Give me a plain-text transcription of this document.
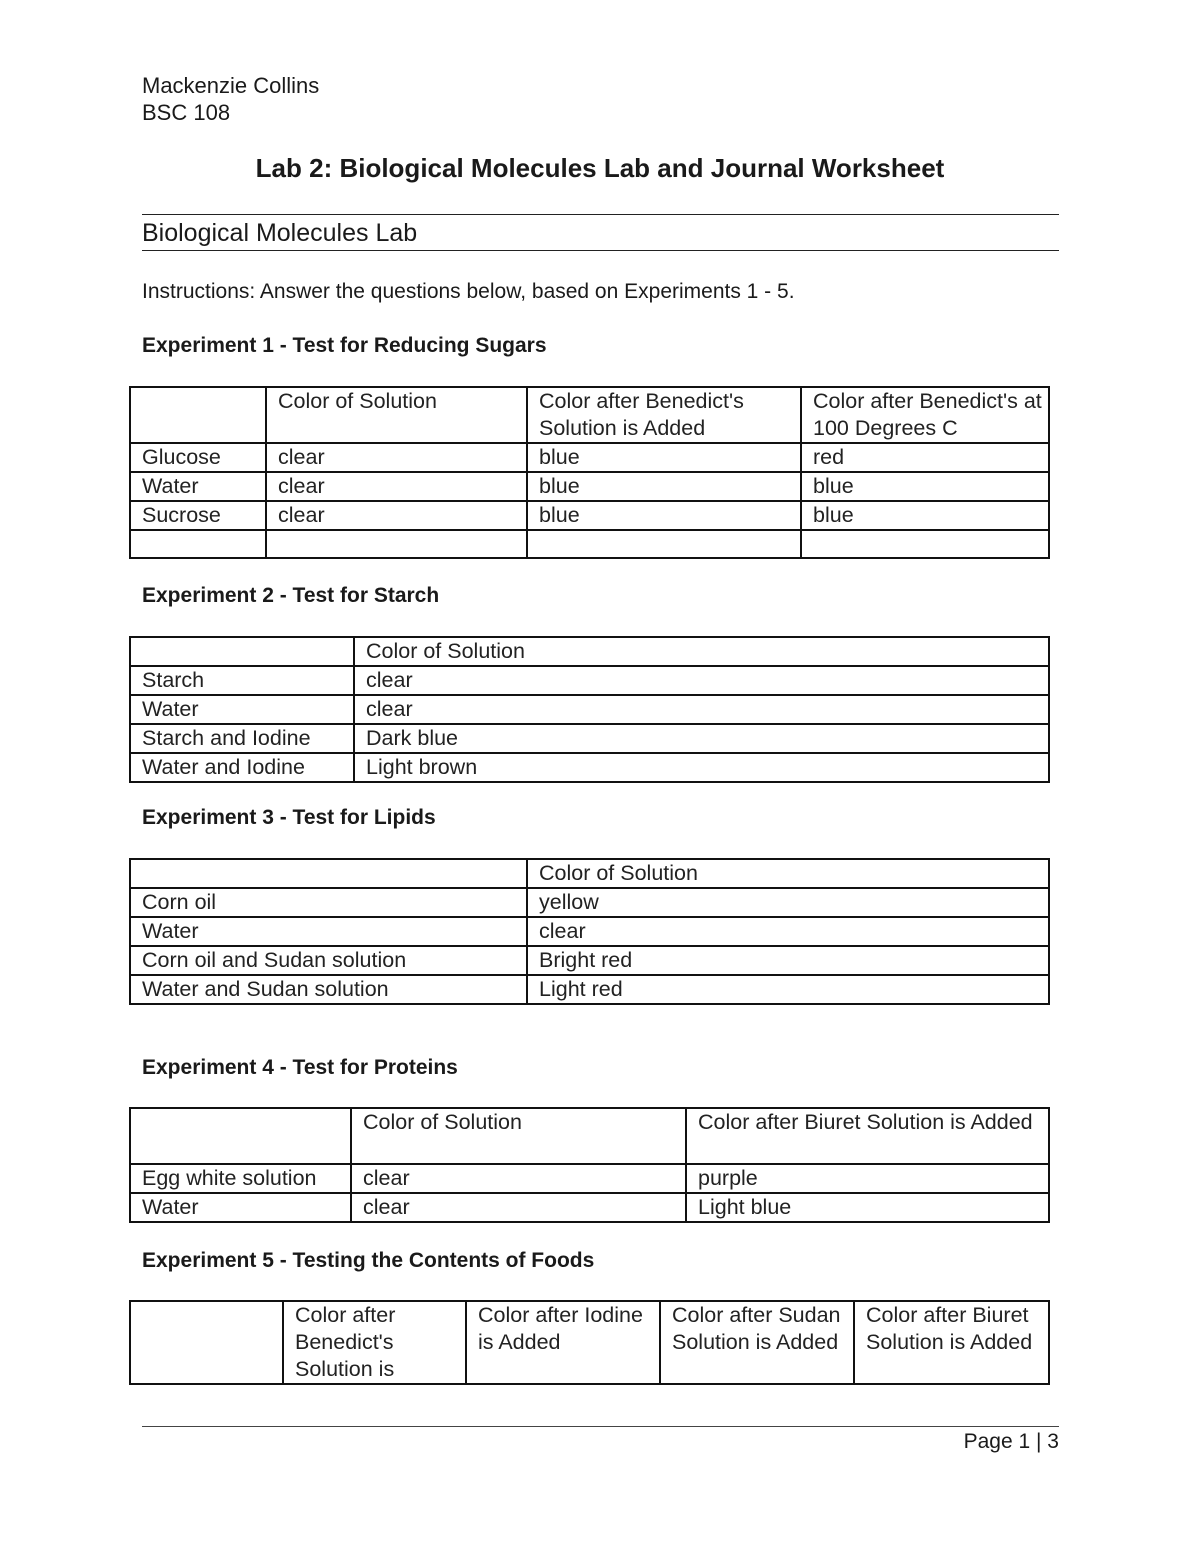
Mackenzie Collins
BSC 108
Lab 2: Biological Molecules Lab and Journal Worksheet
Biological Molecules Lab
Instructions: Answer the questions below, based on Experiments 1 - 5.
Experiment 1 - Test for Reducing Sugars
	Color of Solution	Color after Benedict's Solution is Added	Color after Benedict's at 100 Degrees C
Glucose	clear	blue	red
Water	clear	blue	blue
Sucrose	clear	blue	blue

Experiment 2 - Test for Starch
	Color of Solution
Starch	clear
Water	clear
Starch and Iodine	Dark blue
Water and Iodine	Light brown
Experiment 3 - Test for Lipids
	Color of Solution
Corn oil	yellow
Water	clear
Corn oil and Sudan solution	Bright red
Water and Sudan solution	Light red
Experiment 4 - Test for Proteins
	Color of Solution	Color after Biuret Solution is Added
Egg white solution	clear	purple
Water	clear	Light blue
Experiment 5 - Testing the Contents of Foods
	Color after Benedict's Solution is	Color after Iodine is Added	Color after Sudan Solution is Added	Color after Biuret Solution is Added
Page 1 | 3
